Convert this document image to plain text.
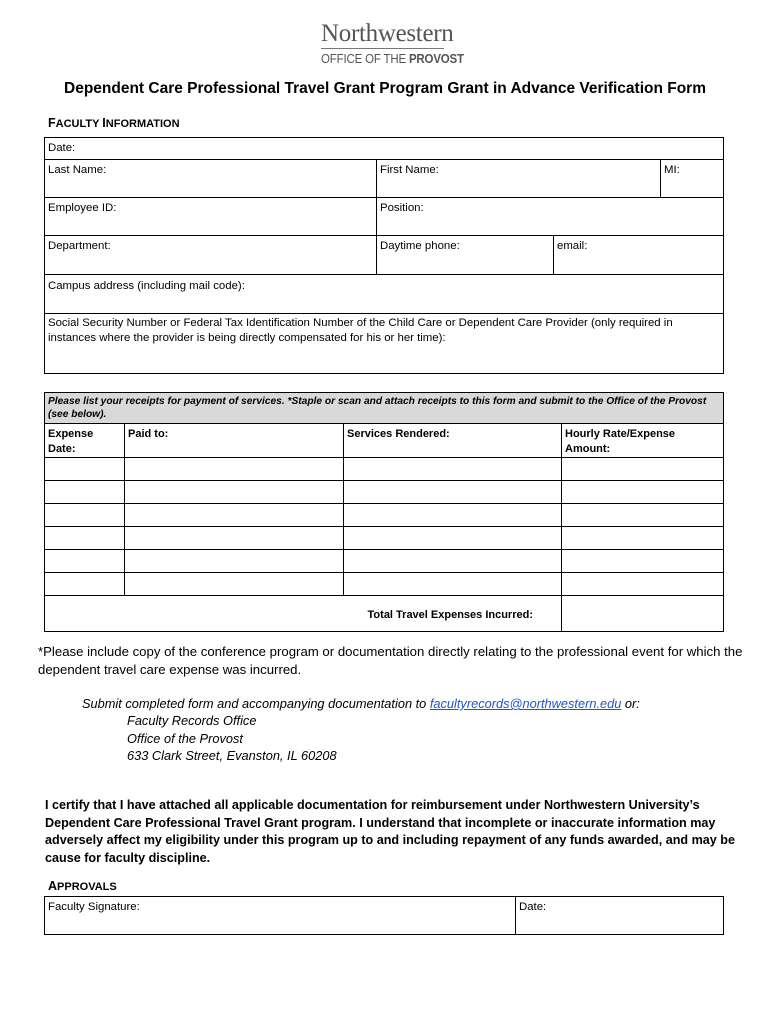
Northwestern
OFFICE OF THE PROVOST
Dependent Care Professional Travel Grant Program Grant in Advance Verification Form
FACULTY INFORMATION
Date:			
Last Name:	First Name:		MI:
Employee ID:	Position:		
Department:	Daytime phone:	email:	
Campus address (including mail code):			
Social Security Number or Federal Tax Identification Number of the Child Care or Dependent Care Provider (only required in instances where the provider is being directly compensated for his or her time):			
Please list your receipts for payment of services. *Staple or scan and attach receipts to this form and submit to the Office of the Provost (see below).			
Expense Date:	Paid to:	Services Rendered:	Hourly Rate/Expense Amount:

Total Travel Expenses Incurred:			
*Please include copy of the conference program or documentation directly relating to the professional event for which the dependent travel care expense was incurred.
Submit completed form and accompanying documentation to facultyrecords@northwestern.edu or:
Faculty Records Office
Office of the Provost
633 Clark Street, Evanston, IL 60208
I certify that I have attached all applicable documentation for reimbursement under Northwestern University’s Dependent Care Professional Travel Grant program. I understand that incomplete or inaccurate information may adversely affect my eligibility under this program up to and including repayment of any funds awarded, and may be cause for faculty discipline.
APPROVALS
Faculty Signature:	Date:
